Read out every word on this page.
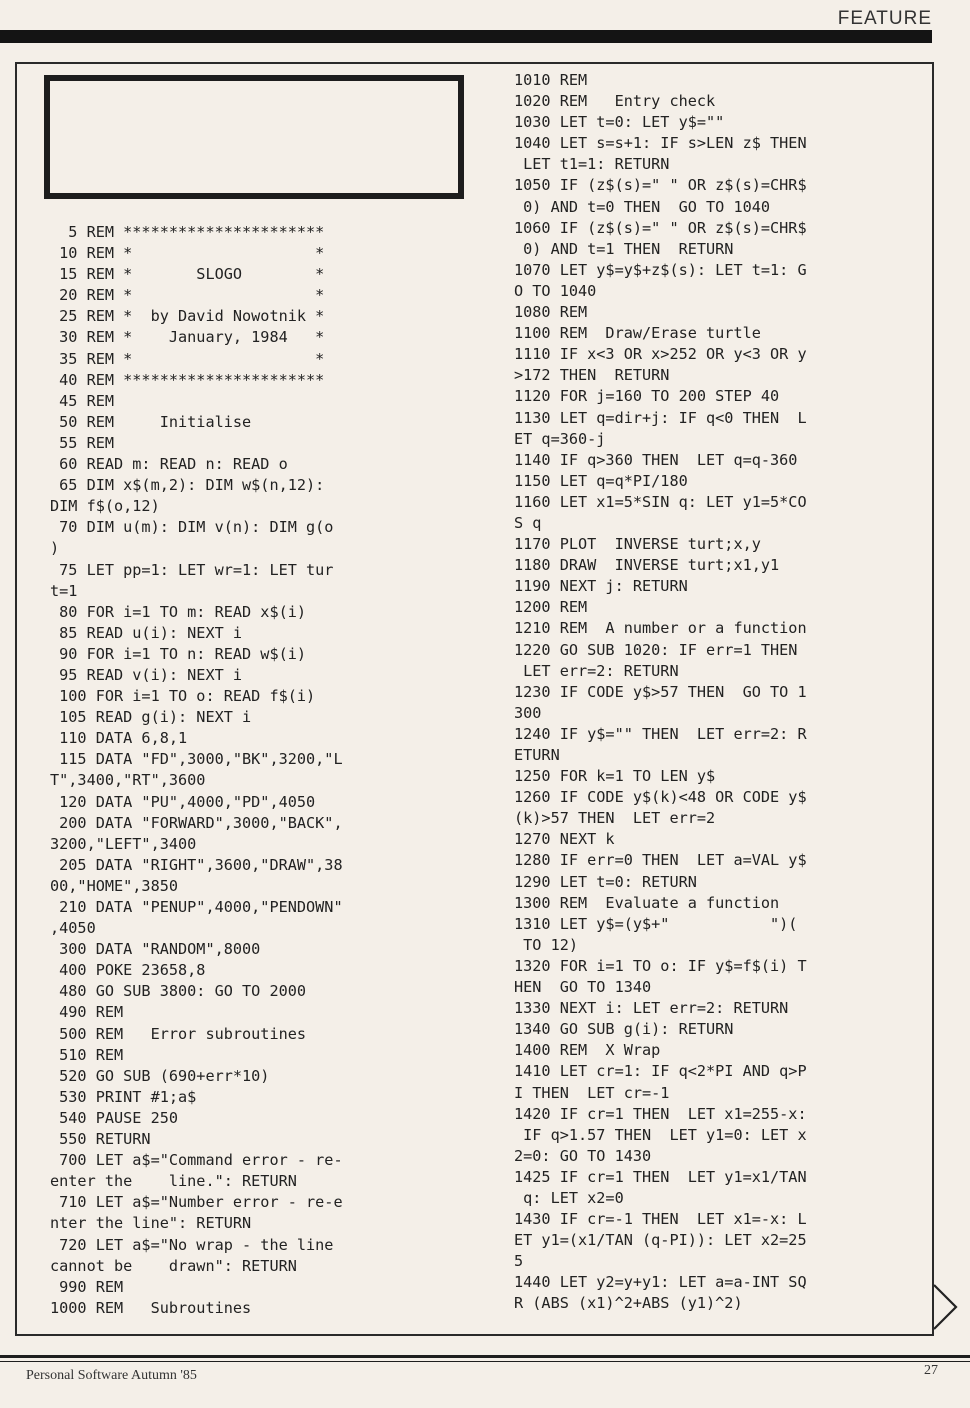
FEATURE
5 REM **********************
10 REM *                    *
15 REM *       SLOGO        *
20 REM *                    *
25 REM *  by David Nowotnik *
30 REM *    January, 1984   *
35 REM *                    *
40 REM **********************
45 REM
50 REM     Initialise
55 REM
60 READ m: READ n: READ o
65 DIM x$(m,2): DIM w$(n,12):
DIM f$(o,12)
70 DIM u(m): DIM v(n): DIM g(o
)
75 LET pp=1: LET wr=1: LET tur
t=1
80 FOR i=1 TO m: READ x$(i)
85 READ u(i): NEXT i
90 FOR i=1 TO n: READ w$(i)
95 READ v(i): NEXT i
100 FOR i=1 TO o: READ f$(i)
105 READ g(i): NEXT i
110 DATA 6,8,1
115 DATA "FD",3000,"BK",3200,"L
T",3400,"RT",3600
120 DATA "PU",4000,"PD",4050
200 DATA "FORWARD",3000,"BACK",
3200,"LEFT",3400
205 DATA "RIGHT",3600,"DRAW",38
00,"HOME",3850
210 DATA "PENUP",4000,"PENDOWN"
,4050
300 DATA "RANDOM",8000
400 POKE 23658,8
480 GO SUB 3800: GO TO 2000
490 REM
500 REM   Error subroutines
510 REM
520 GO SUB (690+err*10)
530 PRINT #1;a$
540 PAUSE 250
550 RETURN
700 LET a$="Command error - re-
enter the    line.": RETURN
710 LET a$="Number error - re-e
nter the line": RETURN
720 LET a$="No wrap - the line
cannot be    drawn": RETURN
990 REM
1000 REM   Subroutines
1010 REM
1020 REM   Entry check
1030 LET t=0: LET y$=""
1040 LET s=s+1: IF s>LEN z$ THEN
LET t1=1: RETURN
1050 IF (z$(s)=" " OR z$(s)=CHR$
0) AND t=0 THEN  GO TO 1040
1060 IF (z$(s)=" " OR z$(s)=CHR$
0) AND t=1 THEN  RETURN
1070 LET y$=y$+z$(s): LET t=1: G
O TO 1040
1080 REM
1100 REM  Draw/Erase turtle
1110 IF x<3 OR x>252 OR y<3 OR y
>172 THEN  RETURN
1120 FOR j=160 TO 200 STEP 40
1130 LET q=dir+j: IF q<0 THEN  L
ET q=360-j
1140 IF q>360 THEN  LET q=q-360
1150 LET q=q*PI/180
1160 LET x1=5*SIN q: LET y1=5*CO
S q
1170 PLOT  INVERSE turt;x,y
1180 DRAW  INVERSE turt;x1,y1
1190 NEXT j: RETURN
1200 REM
1210 REM  A number or a function
1220 GO SUB 1020: IF err=1 THEN
LET err=2: RETURN
1230 IF CODE y$>57 THEN  GO TO 1
300
1240 IF y$="" THEN  LET err=2: R
ETURN
1250 FOR k=1 TO LEN y$
1260 IF CODE y$(k)<48 OR CODE y$
(k)>57 THEN  LET err=2
1270 NEXT k
1280 IF err=0 THEN  LET a=VAL y$
1290 LET t=0: RETURN
1300 REM  Evaluate a function
1310 LET y$=(y$+"           ")(
TO 12)
1320 FOR i=1 TO o: IF y$=f$(i) T
HEN  GO TO 1340
1330 NEXT i: LET err=2: RETURN
1340 GO SUB g(i): RETURN
1400 REM  X Wrap
1410 LET cr=1: IF q<2*PI AND q>P
I THEN  LET cr=-1
1420 IF cr=1 THEN  LET x1=255-x:
IF q>1.57 THEN  LET y1=0: LET x
2=0: GO TO 1430
1425 IF cr=1 THEN  LET y1=x1/TAN
q: LET x2=0
1430 IF cr=-1 THEN  LET x1=-x: L
ET y1=(x1/TAN (q-PI)): LET x2=25
5
1440 LET y2=y+y1: LET a=a-INT SQ
R (ABS (x1)^2+ABS (y1)^2)
Personal Software Autumn '85	27
